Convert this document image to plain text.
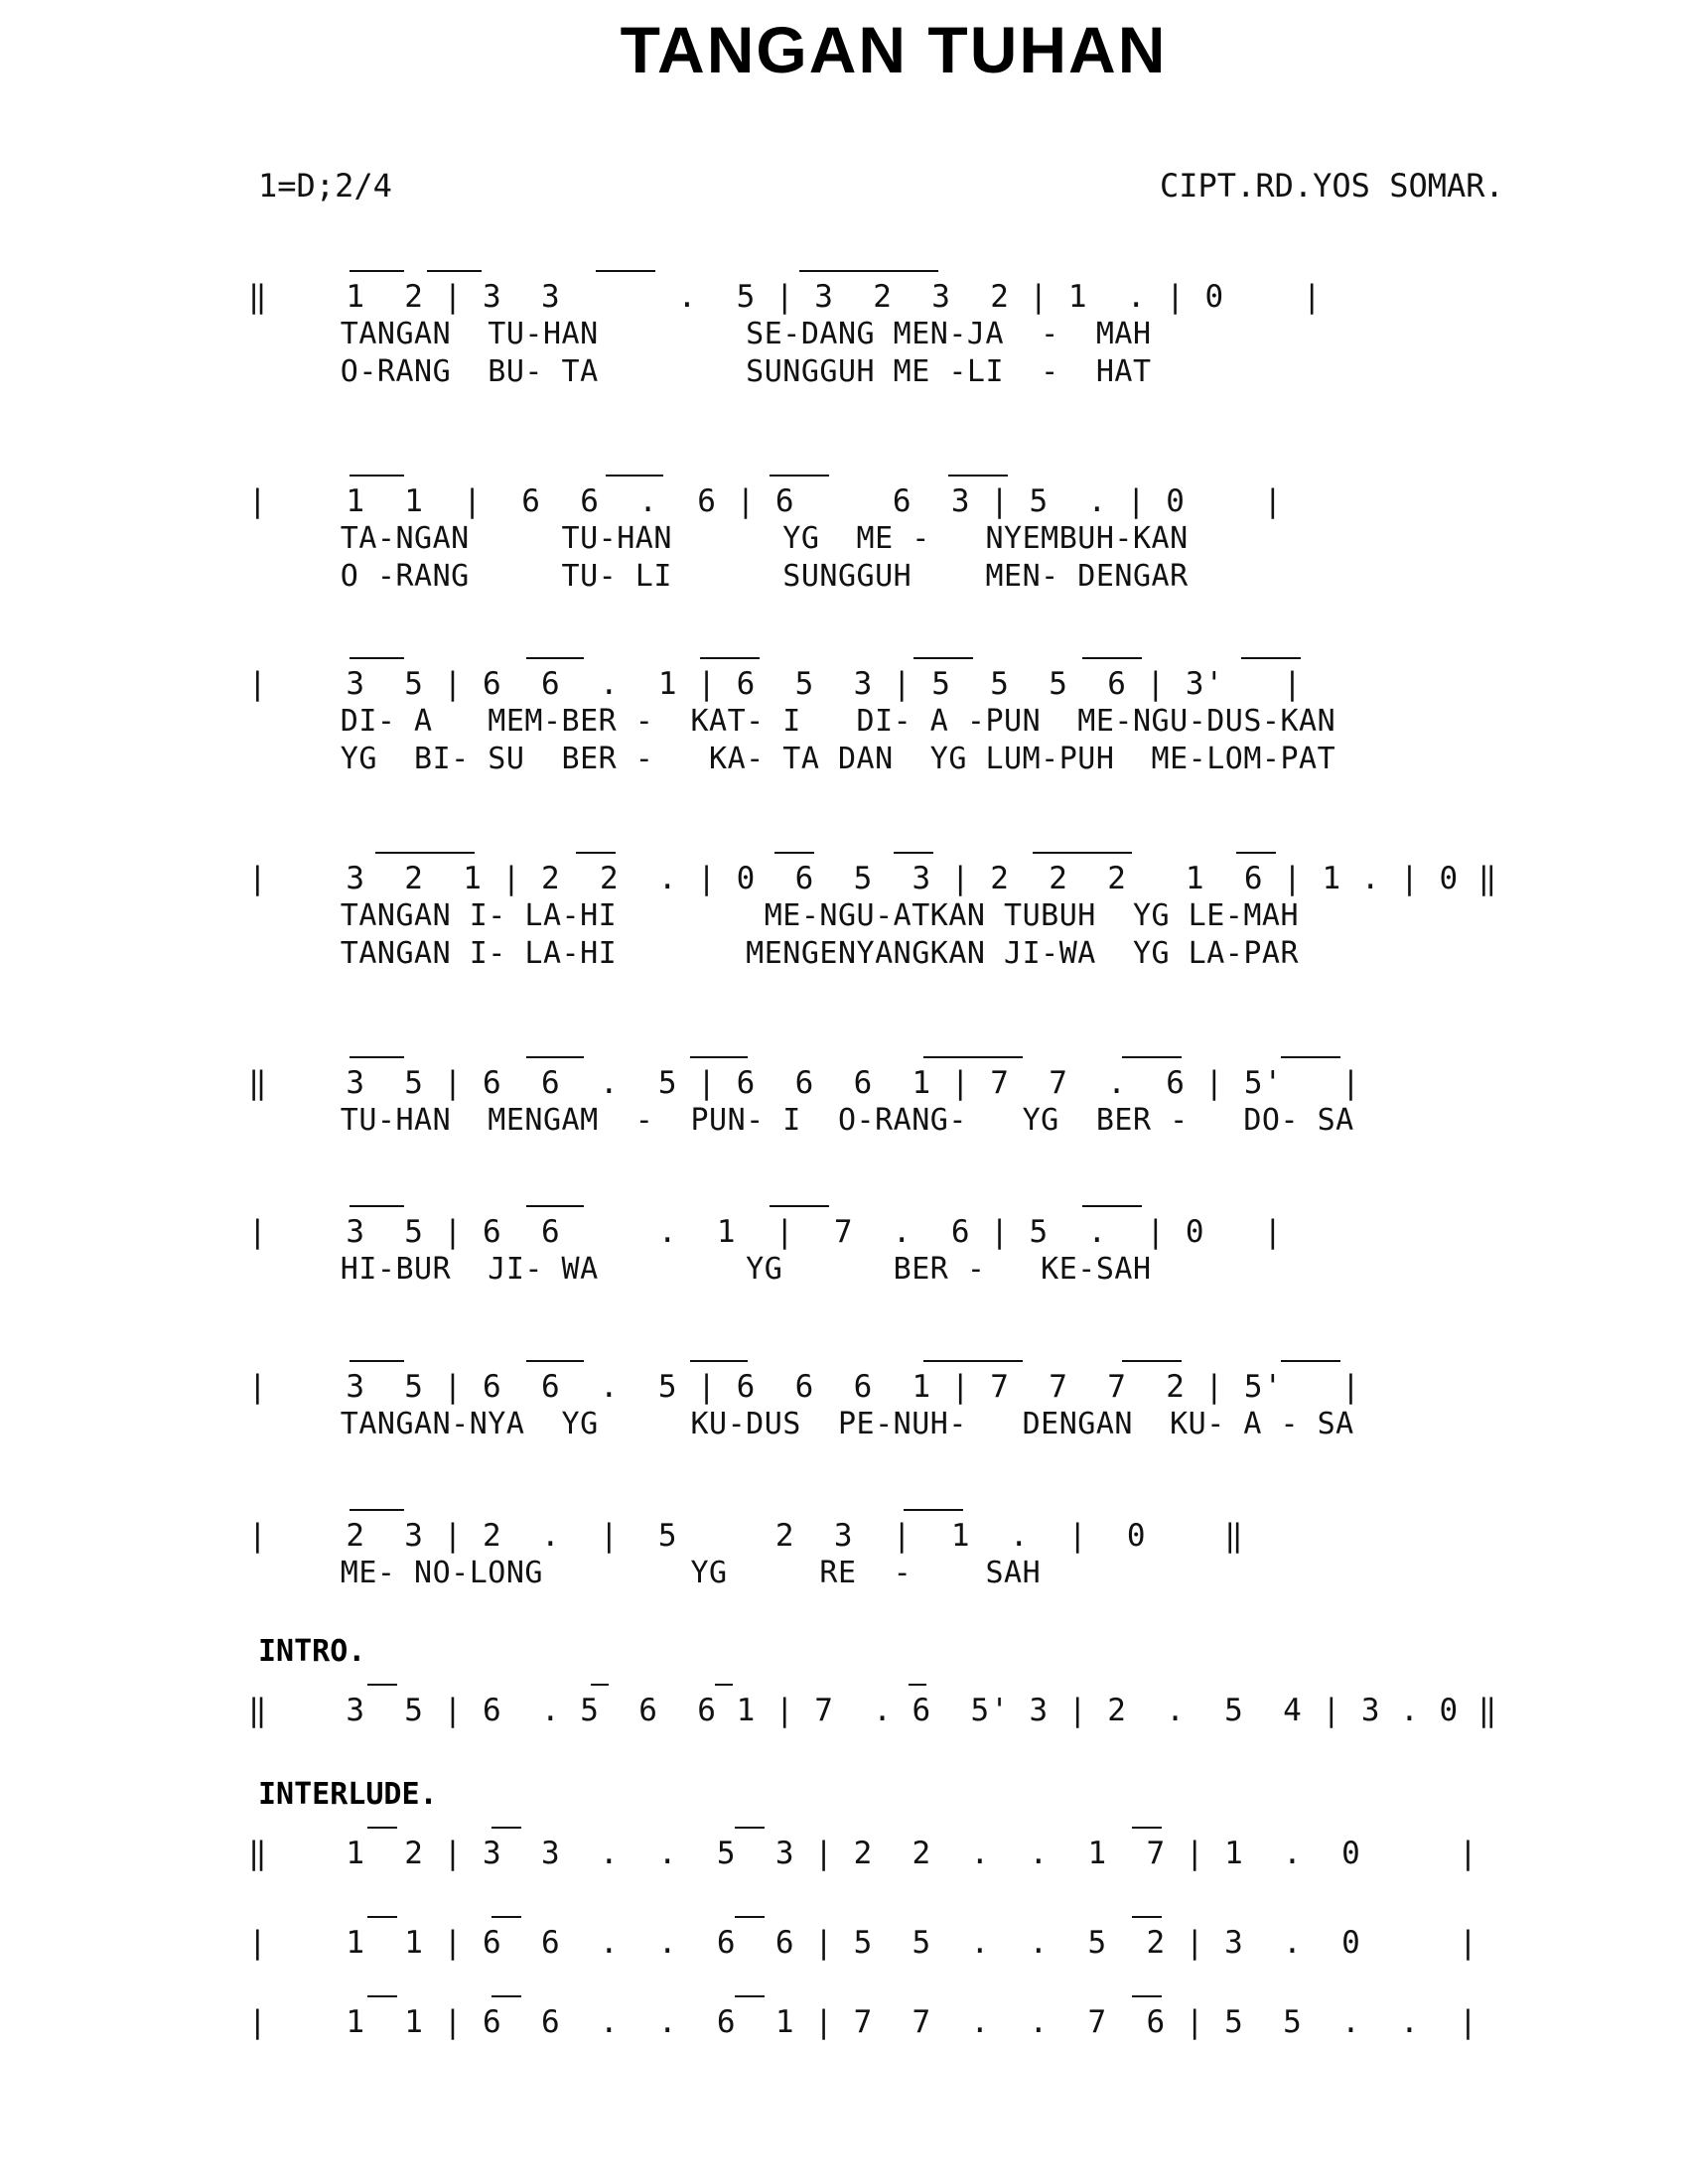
TANGAN TUHAN
1=D;2/4	CIPT.RD.YOS SOMAR.
‖    1  2 | 3  3      .  5 | 3  2  3  2 | 1  . | 0    |
TANGAN  TU-HAN        SE-DANG MEN-JA  -  MAH
O-RANG  BU- TA        SUNGGUH ME -LI  -  HAT
|    1  1  |  6  6  .  6 | 6     6  3 | 5  . | 0    |
TA-NGAN     TU-HAN      YG  ME -   NYEMBUH-KAN
O -RANG     TU- LI      SUNGGUH    MEN- DENGAR
|    3  5 | 6  6  .  1 | 6  5  3 | 5  5  5  6 | 3'   |
DI- A   MEM-BER -  KAT- I   DI- A -PUN  ME-NGU-DUS-KAN
YG  BI- SU  BER -   KA- TA DAN  YG LUM-PUH  ME-LOM-PAT
|    3  2  1 | 2  2  . | 0  6  5  3 | 2  2  2   1  6 | 1 . | 0 ‖
TANGAN I- LA-HI        ME-NGU-ATKAN TUBUH  YG LE-MAH
TANGAN I- LA-HI       MENGENYANGKAN JI-WA  YG LA-PAR
‖    3  5 | 6  6  .  5 | 6  6  6  1 | 7  7  .  6 | 5'   |
TU-HAN  MENGAM  -  PUN- I  O-RANG-   YG  BER -   DO- SA
|    3  5 | 6  6     .  1  |  7  .  6 | 5  .  | 0   |
HI-BUR  JI- WA        YG      BER -   KE-SAH
|    3  5 | 6  6  .  5 | 6  6  6  1 | 7  7  7  2 | 5'   |
TANGAN-NYA  YG     KU-DUS  PE-NUH-   DENGAN  KU- A - SA
|    2  3 | 2  .  |  5     2  3  |  1  .  |  0    ‖
ME- NO-LONG        YG     RE  -    SAH
INTRO.
‖    3  5 | 6  . 5  6  6 1 | 7  . 6  5' 3 | 2  .  5  4 | 3 . 0 ‖
INTERLUDE.
‖    1  2 | 3  3  .  .  5  3 | 2  2  .  .  1  7 | 1  .  0     |
|    1  1 | 6  6  .  .  6  6 | 5  5  .  .  5  2 | 3  .  0     |
|    1  1 | 6  6  .  .  6  1 | 7  7  .  .  7  6 | 5  5  .  .  |
